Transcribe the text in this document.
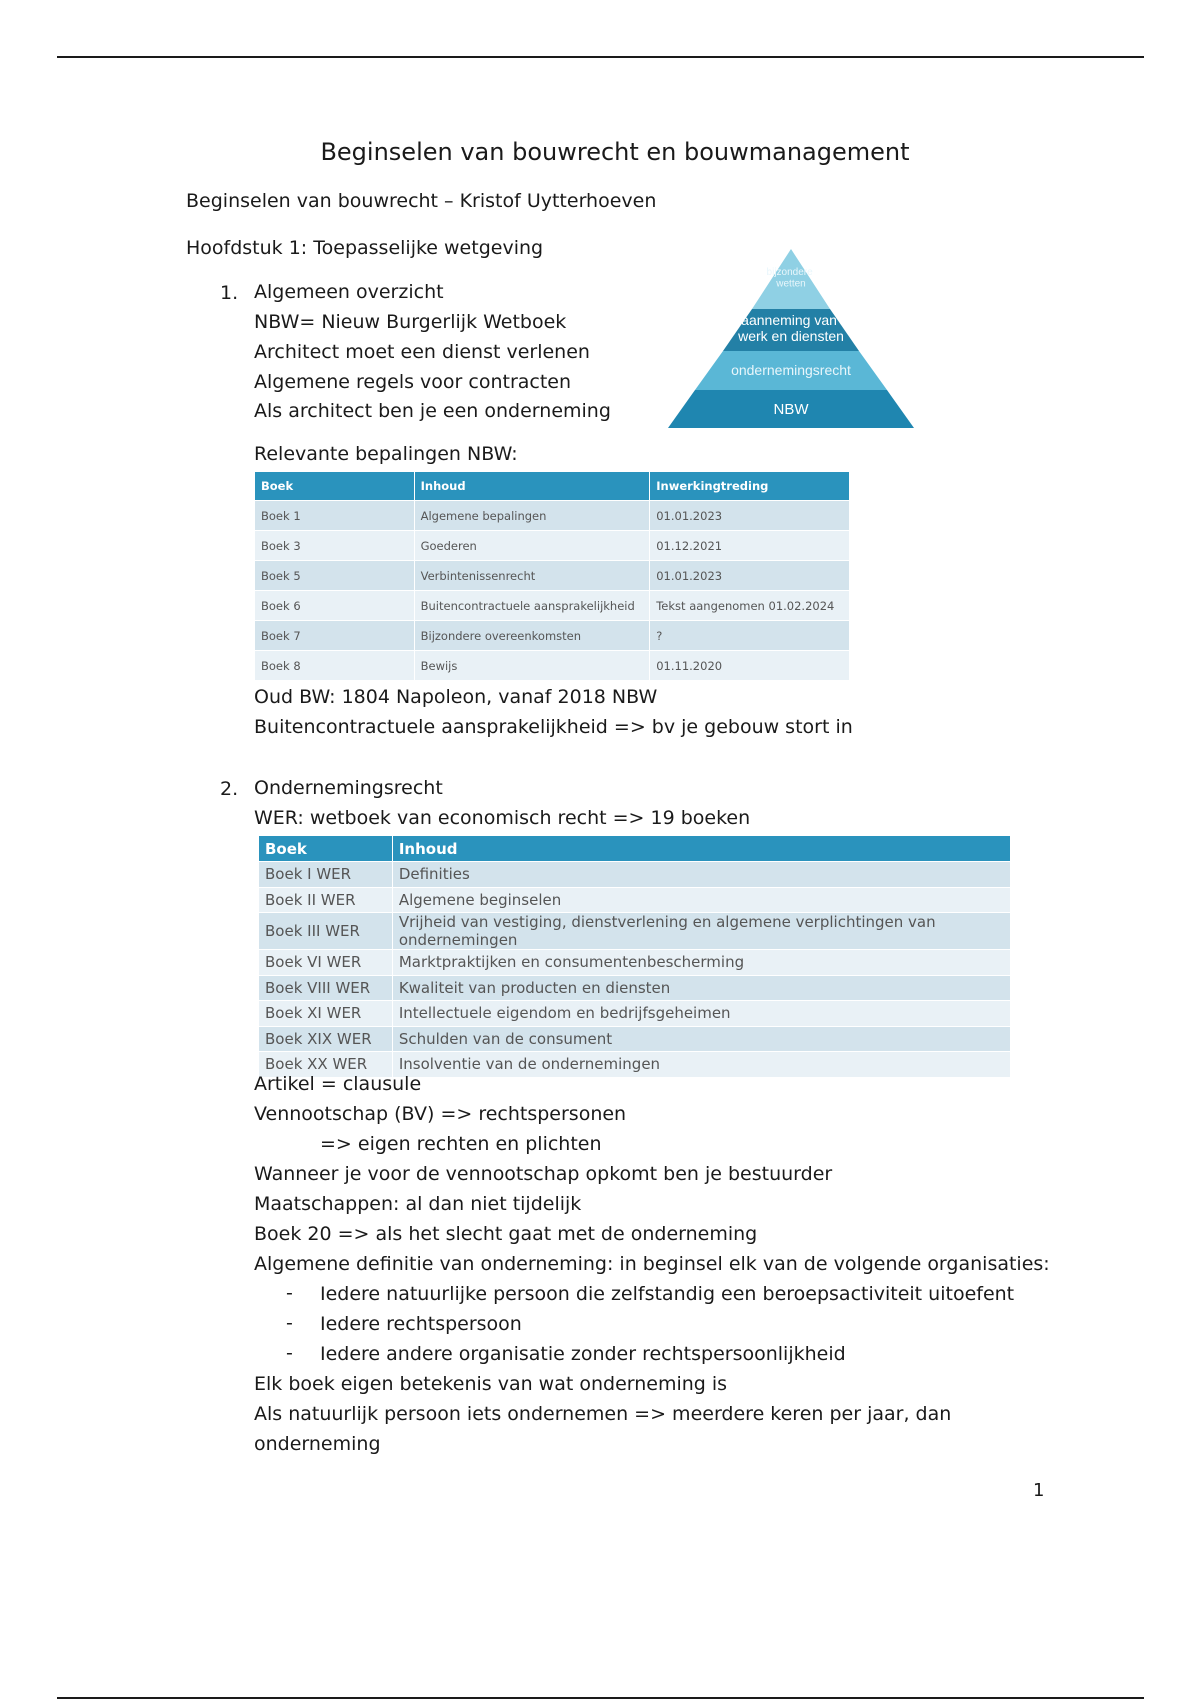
Beginselen van bouwrecht en bouwmanagement
Beginselen van bouwrecht – Kristof Uytterhoeven
Hoofdstuk 1: Toepasselijke wetgeving
1. Algemeen overzicht
NBW= Nieuw Burgerlijk Wetboek
Architect moet een dienst verlenen
Algemene regels voor contracten
Als architect ben je een onderneming
bijzondere wetten
aanneming van werk en diensten
ondernemingsrecht
NBW
Relevante bepalingen NBW:
Boek	Inhoud	Inwerkingtreding
Boek 1	Algemene bepalingen	01.01.2023
Boek 3	Goederen	01.12.2021
Boek 5	Verbintenissenrecht	01.01.2023
Boek 6	Buitencontractuele aansprakelijkheid	Tekst aangenomen 01.02.2024
Boek 7	Bijzondere overeenkomsten	?
Boek 8	Bewijs	01.11.2020
Oud BW: 1804 Napoleon, vanaf 2018 NBW
Buitencontractuele aansprakelijkheid => bv je gebouw stort in
2. Ondernemingsrecht
WER: wetboek van economisch recht => 19 boeken
Boek	Inhoud
Boek I WER	Definities
Boek II WER	Algemene beginselen
Boek III WER	Vrijheid van vestiging, dienstverlening en algemene verplichtingen van ondernemingen
Boek VI WER	Marktpraktijken en consumentenbescherming
Boek VIII WER	Kwaliteit van producten en diensten
Boek XI WER	Intellectuele eigendom en bedrijfsgeheimen
Boek XIX WER	Schulden van de consument
Boek XX WER	Insolventie van de ondernemingen
Artikel = clausule
Vennootschap (BV) => rechtspersonen
=> eigen rechten en plichten
Wanneer je voor de vennootschap opkomt ben je bestuurder
Maatschappen: al dan niet tijdelijk
Boek 20 => als het slecht gaat met de onderneming
Algemene definitie van onderneming: in beginsel elk van de volgende organisaties:
- Iedere natuurlijke persoon die zelfstandig een beroepsactiviteit uitoefent
- Iedere rechtspersoon
- Iedere andere organisatie zonder rechtspersoonlijkheid
Elk boek eigen betekenis van wat onderneming is
Als natuurlijk persoon iets ondernemen => meerdere keren per jaar, dan
onderneming
1
